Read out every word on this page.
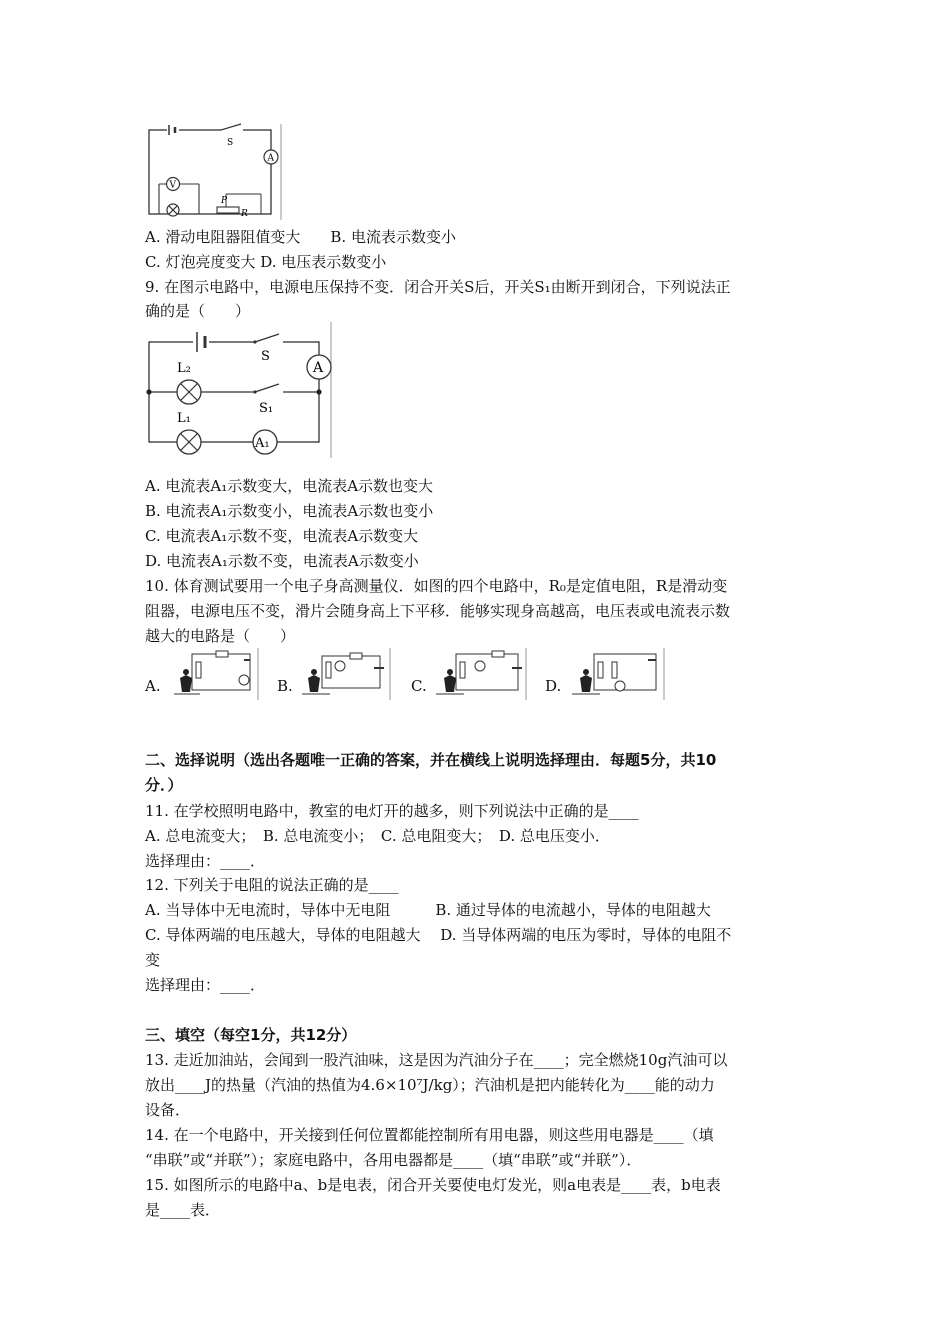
S
A
V
P
R
A. 滑动电阻器阻值变大　　 B. 电流表示数变小
C. 灯泡亮度变大 D. 电压表示数变小
9. 在图示电路中，电源电压保持不变．闭合开关S后，开关S₁由断开到闭合，下列说法正
确的是（　　）
S
A
L₂
S₁
L₁
A₁
A. 电流表A₁示数变大，电流表A示数也变大
B. 电流表A₁示数变小，电流表A示数也变小
C. 电流表A₁示数不变，电流表A示数变大
D. 电流表A₁示数不变，电流表A示数变小
10. 体育测试要用一个电子身高测量仪．如图的四个电路中，R₀是定值电阻，R是滑动变
阻器，电源电压不变，滑片会随身高上下平移．能够实现身高越高，电压表或电流表示数
越大的电路是（　　）
A.	B.	C.	D.
二、选择说明（选出各题唯一正确的答案，并在横线上说明选择理由．每题5分，共10
分．）
11. 在学校照明电路中，教室的电灯开的越多，则下列说法中正确的是____
A. 总电流变大；　B. 总电流变小；　C. 总电阻变大；　D. 总电压变小．
选择理由：____．
12. 下列关于电阻的说法正确的是____
A. 当导体中无电流时，导体中无电阻　　　B. 通过导体的电流越小，导体的电阻越大
C. 导体两端的电压越大，导体的电阻越大　 D. 当导体两端的电压为零时，导体的电阻不
变
选择理由：____．
三、填空（每空1分，共12分）
13. 走近加油站，会闻到一股汽油味，这是因为汽油分子在____；完全燃烧10g汽油可以
放出____J的热量（汽油的热值为4.6×10⁷J/kg）；汽油机是把内能转化为____能的动力
设备．
14. 在一个电路中，开关接到任何位置都能控制所有用电器，则这些用电器是____（填
“串联”或“并联”）；家庭电路中，各用电器都是____（填“串联”或“并联”）．
15. 如图所示的电路中a、b是电表，闭合开关要使电灯发光，则a电表是____表，b电表
是____表．
